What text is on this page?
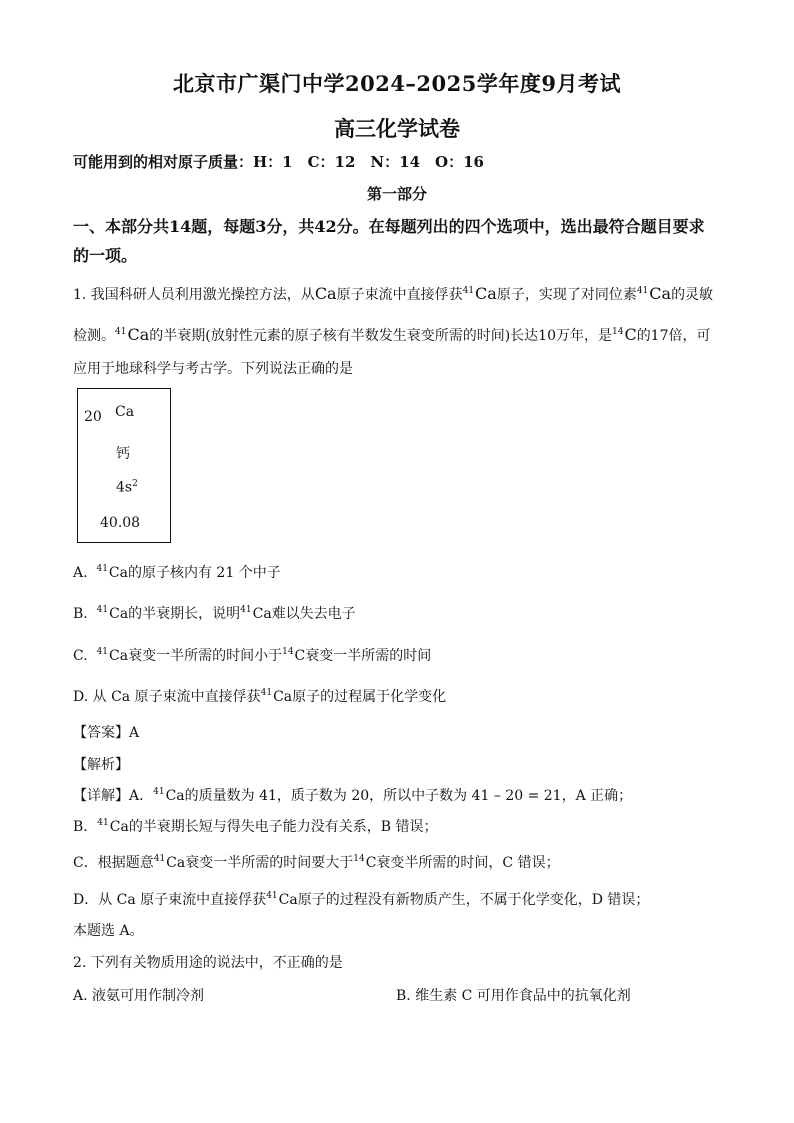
北京市广渠门中学2024–2025学年度9月考试
高三化学试卷
可能用到的相对原子质量：H：1　C：12　N：14　O：16
第一部分
一、本部分共14题，每题3分，共42分。在每题列出的四个选项中，选出最符合题目要求
的一项。
1. 我国科研人员利用激光操控方法，从Ca原子束流中直接俘获$^{41}$Ca原子，实现了对同位素$^{41}$Ca的灵敏
检测。$^{41}$Ca的半衰期(放射性元素的原子核有半数发生衰变所需的时间)长达10万年，是$^{14}$C的17倍，可
应用于地球科学与考古学。下列说法正确的是
20 Ca
钙
$4s^2$
40.08
A. $^{41}$Ca的原子核内有 21 个中子
B. $^{41}$Ca的半衰期长，说明$^{41}$Ca难以失去电子
C. $^{41}$Ca衰变一半所需的时间小于$^{14}$C衰变一半所需的时间
D. 从 Ca 原子束流中直接俘获$^{41}$Ca原子的过程属于化学变化
【答案】A
【解析】
【详解】A．$^{41}$Ca的质量数为 41，质子数为 20，所以中子数为 41 – 20 = 21，A 正确；
B．$^{41}$Ca的半衰期长短与得失电子能力没有关系，B 错误；
C．根据题意$^{41}$Ca衰变一半所需的时间要大于$^{14}$C衰变半所需的时间，C 错误；
D．从 Ca 原子束流中直接俘获$^{41}$Ca原子的过程没有新物质产生，不属于化学变化，D 错误；
本题选 A。
2. 下列有关物质用途的说法中，不正确的是
A. 液氨可用作制冷剂	B. 维生素 C 可用作食品中的抗氧化剂
